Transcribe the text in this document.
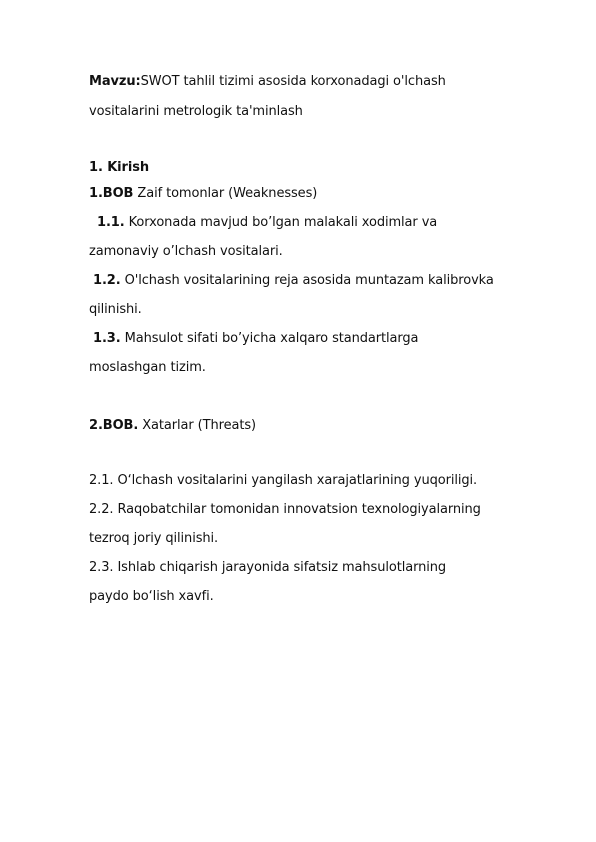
Mavzu:SWOT tahlil tizimi asosida korxonadagi o'lchash
vositalarini metrologik ta'minlash
1. Kirish
1.BOB Zaif tomonlar (Weaknesses)
1.1. Korxonada mavjud bo’lgan malakali xodimlar va
zamonaviy o’lchash vositalari.
1.2. O'lchash vositalarining reja asosida muntazam kalibrovka
qilinishi.
1.3. Mahsulot sifati bo’yicha xalqaro standartlarga
moslashgan tizim.
2.BOB. Xatarlar (Threats)
2.1. O‘lchash vositalarini yangilash xarajatlarining yuqoriligi.
2.2. Raqobatchilar tomonidan innovatsion texnologiyalarning
tezroq joriy qilinishi.
2.3. Ishlab chiqarish jarayonida sifatsiz mahsulotlarning
paydo bo‘lish xavfi.
